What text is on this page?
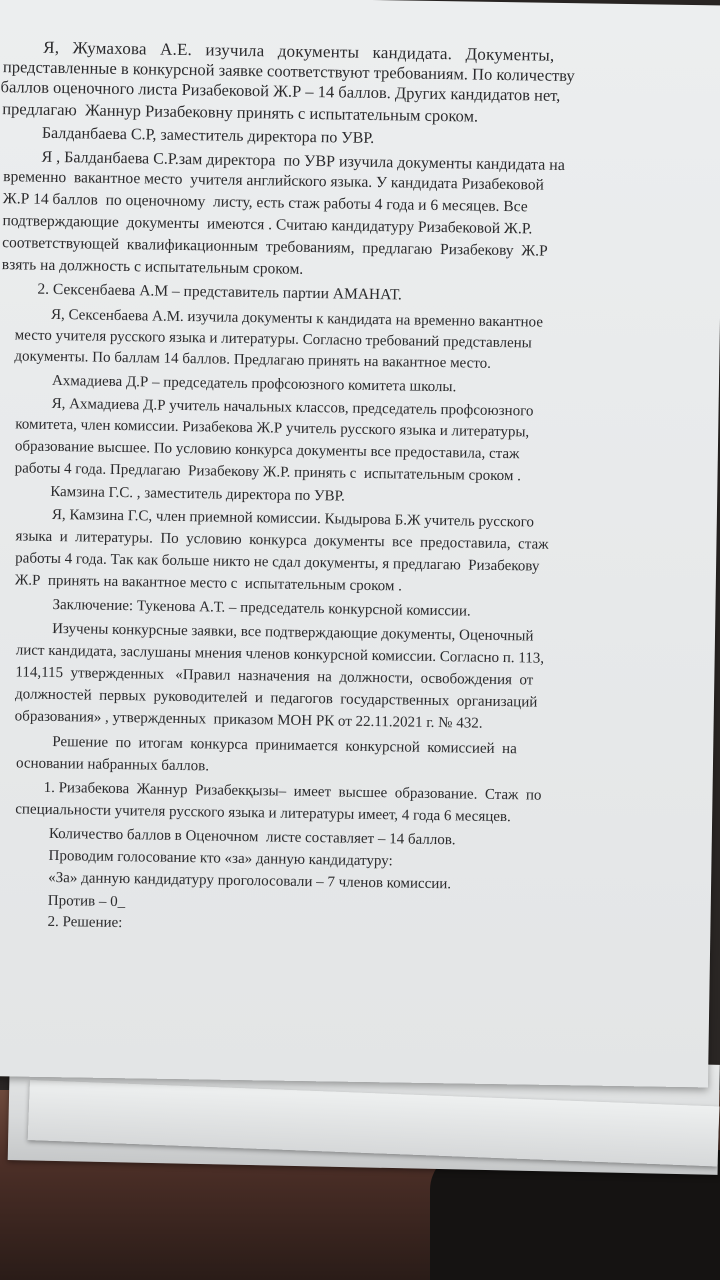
Я,   Жумахова   А.Е.   изучила   документы   кандидата.   Документы,
представленные в конкурсной заявке соответствуют требованиям. По количеству
баллов оценочного листа Ризабековой Ж.Р – 14 баллов. Других кандидатов нет,
предлагаю  Жаннур Ризабековну принять с испытательным сроком.
Балданбаева С.Р, заместитель директора по УВР.
Я , Балданбаева С.Р.зам директора  по УВР изучила документы кандидата на
временно  вакантное место  учителя английского языка. У кандидата Ризабековой
Ж.Р 14 баллов  по оценочному  листу, есть стаж работы 4 года и 6 месяцев. Все
подтверждающие  документы  имеются . Считаю кандидатуру Ризабековой Ж.Р.
соответствующей  квалификационным  требованиям,  предлагаю  Ризабекову  Ж.Р
взять на должность с испытательным сроком.
2. Сексенбаева А.М – представитель партии АМАНАТ.
Я, Сексенбаева А.М. изучила документы к кандидата на временно вакантное
место учителя русского языка и литературы. Согласно требований представлены
документы. По баллам 14 баллов. Предлагаю принять на вакантное место.
Ахмадиева Д.Р – председатель профсоюзного комитета школы.
Я, Ахмадиева Д.Р учитель начальных классов, председатель профсоюзного
комитета, член комиссии. Ризабекова Ж.Р учитель русского языка и литературы,
образование высшее. По условию конкурса документы все предоставила, стаж
работы 4 года. Предлагаю  Ризабекову Ж.Р. принять с  испытательным сроком .
Камзина Г.С. , заместитель директора по УВР.
Я, Камзина Г.С, член приемной комиссии. Кыдырова Б.Ж учитель русского
языка  и  литературы.  По  условию  конкурса  документы  все  предоставила,  стаж
работы 4 года. Так как больше никто не сдал документы, я предлагаю  Ризабекову
Ж.Р  принять на вакантное место с  испытательным сроком .
Заключение: Тукенова А.Т. – председатель конкурсной комиссии.
Изучены конкурсные заявки, все подтверждающие документы, Оценочный
лист кандидата, заслушаны мнения членов конкурсной комиссии. Согласно п. 113,
114,115  утвержденных   «Правил  назначения  на  должности,  освобождения  от
должностей  первых  руководителей  и  педагогов  государственных  организаций
образования» , утвержденных  приказом МОН РК от 22.11.2021 г. № 432.
Решение  по  итогам  конкурса  принимается  конкурсной  комиссией  на
основании набранных баллов.
1. Ризабекова  Жаннур  Ризабекқызы–  имеет  высшее  образование.  Стаж  по
специальности учителя русского языка и литературы имеет, 4 года 6 месяцев.
Количество баллов в Оценочном  листе составляет – 14 баллов.
Проводим голосование кто «за» данную кандидатуру:
«За» данную кандидатуру проголосовали – 7 членов комиссии.
Против – 0_
2. Решение:
